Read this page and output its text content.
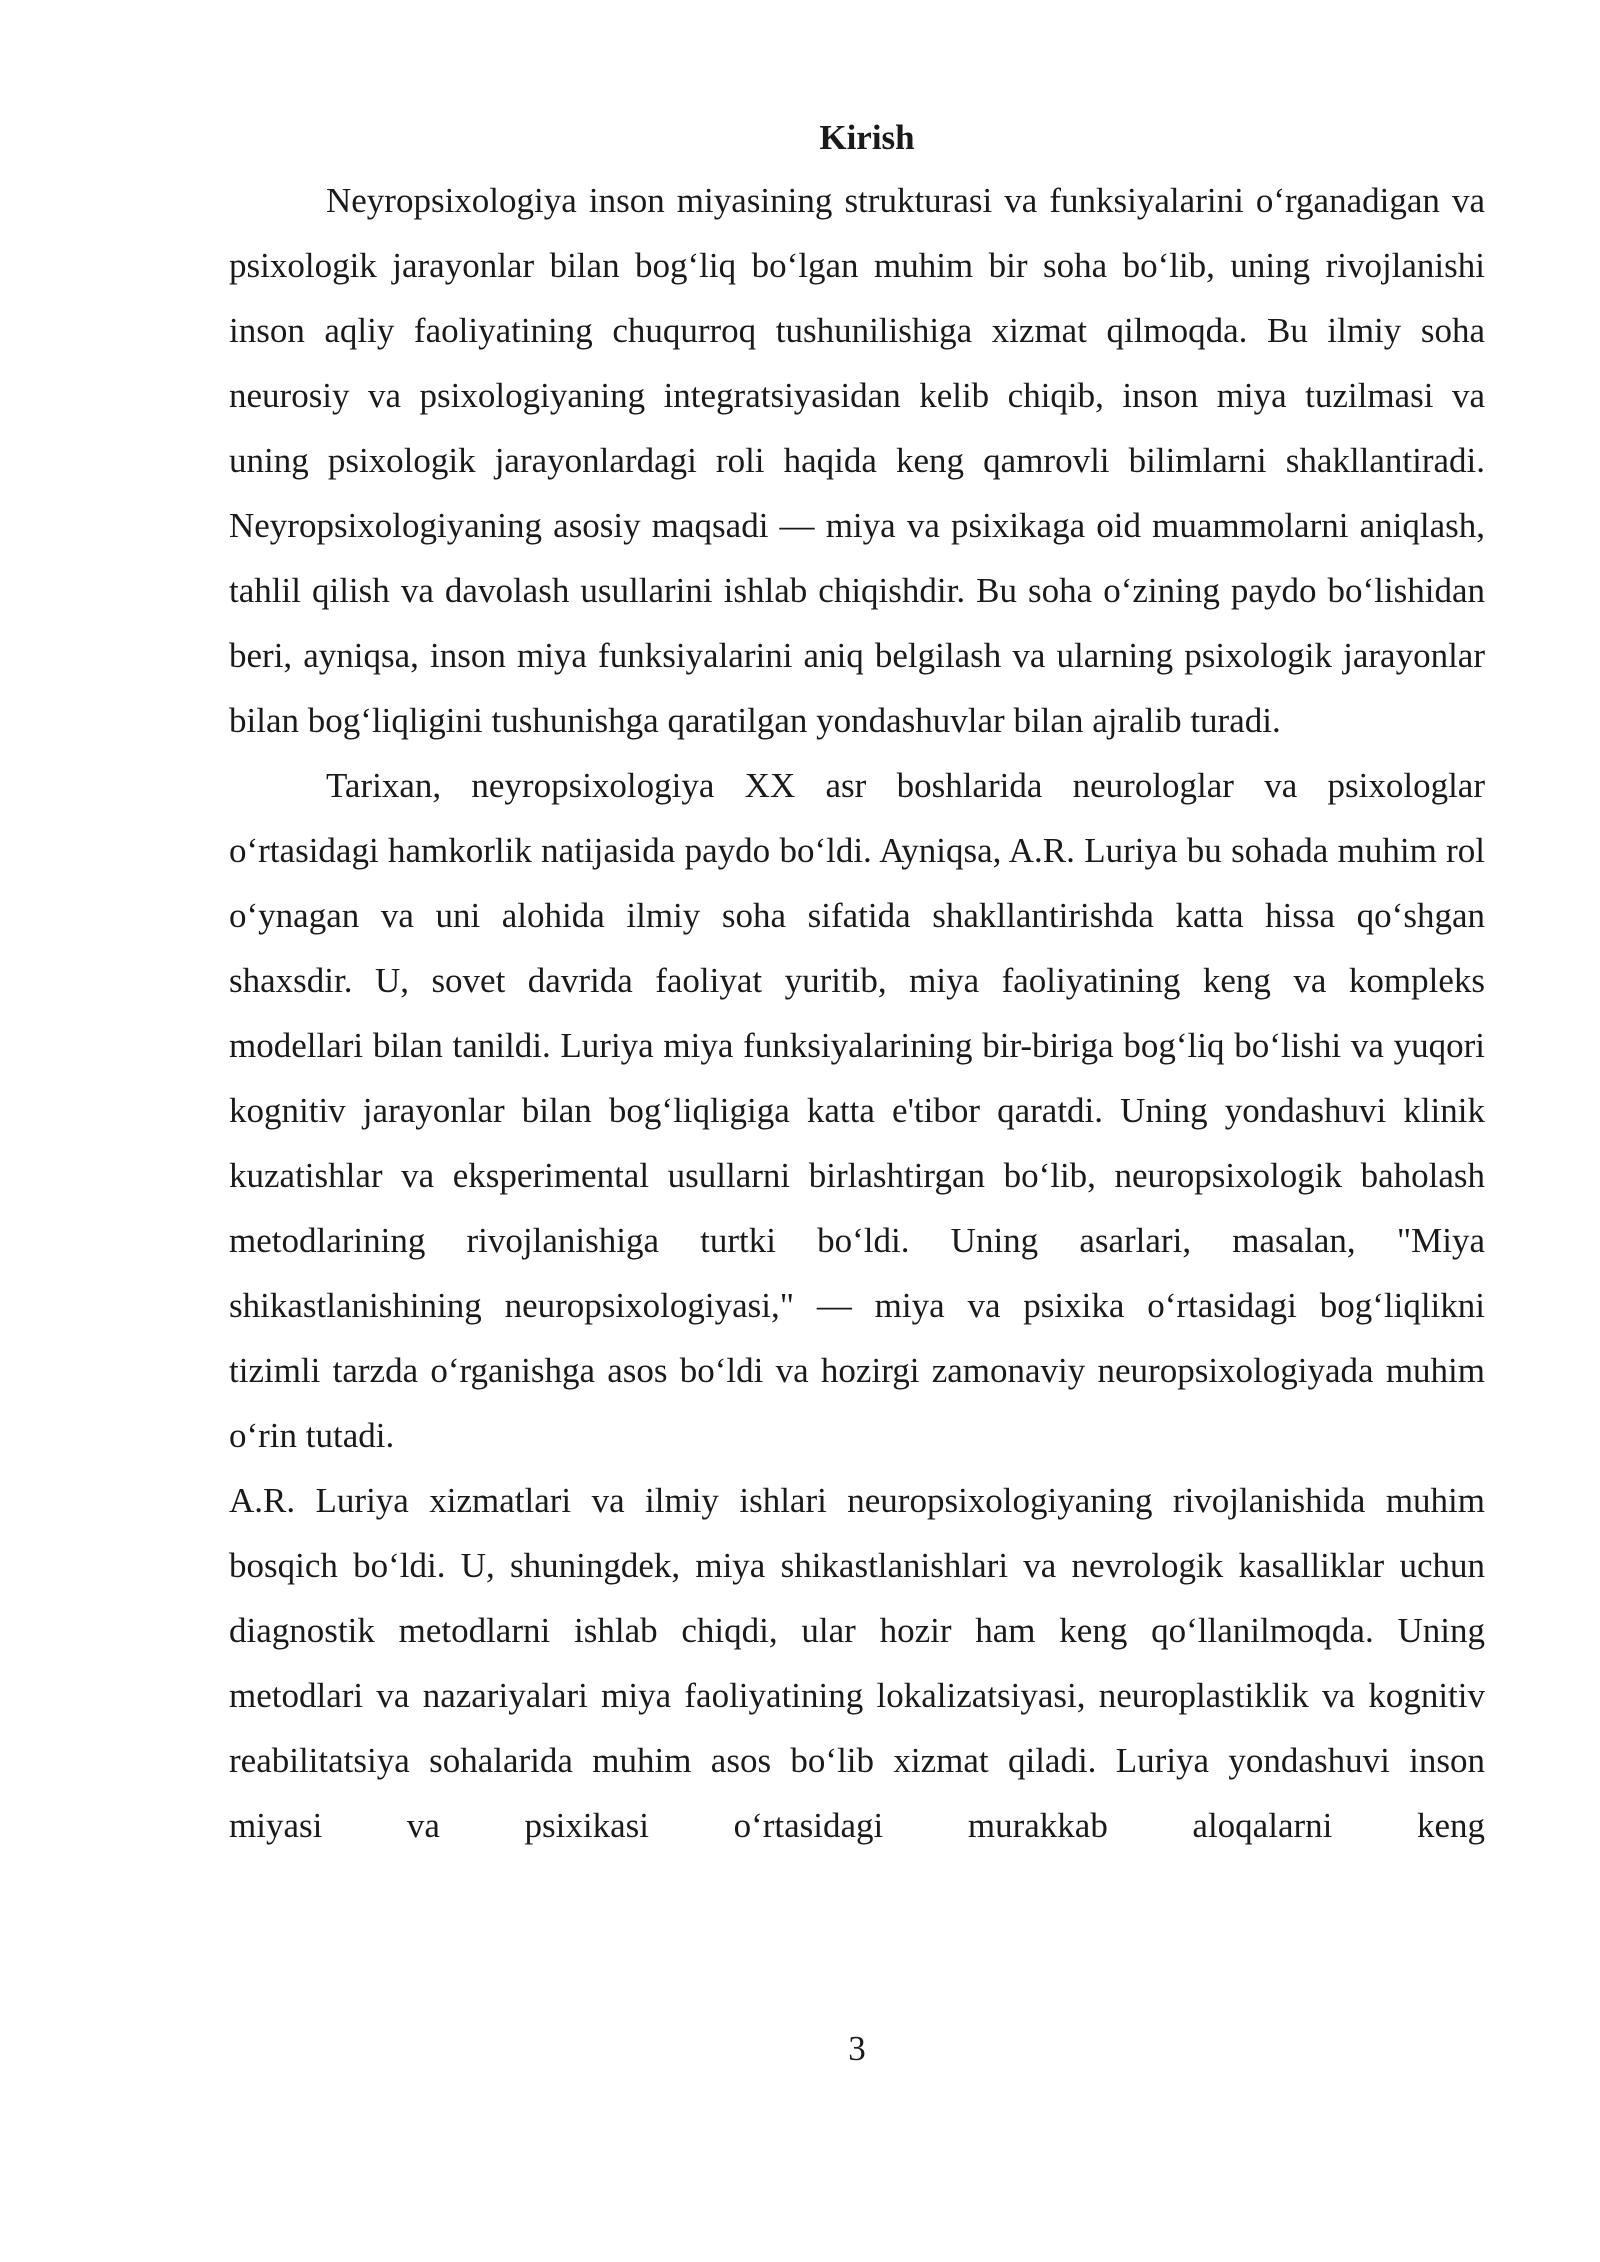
Kirish

Neyropsixologiya inson miyasining strukturasi va funksiyalarini o‘rganadigan va psixologik jarayonlar bilan bog‘liq bo‘lgan muhim bir soha bo‘lib, uning rivojlanishi inson aqliy faoliyatining chuqurroq tushunilishiga xizmat qilmoqda. Bu ilmiy soha neurosiy va psixologiyaning integratsiyasidan kelib chiqib, inson miya tuzilmasi va uning psixologik jarayonlardagi roli haqida keng qamrovli bilimlarni shakllantiradi. Neyropsixologiyaning asosiy maqsadi — miya va psixikaga oid muammolarni aniqlash, tahlil qilish va davolash usullarini ishlab chiqishdir. Bu soha o‘zining paydo bo‘lishidan beri, ayniqsa, inson miya funksiyalarini aniq belgilash va ularning psixologik jarayonlar bilan bog‘liqligini tushunishga qaratilgan yondashuvlar bilan ajralib turadi.

Tarixan, neyropsixologiya XX asr boshlarida neurologlar va psixologlar o‘rtasidagi hamkorlik natijasida paydo bo‘ldi. Ayniqsa, A.R. Luriya bu sohada muhim rol o‘ynagan va uni alohida ilmiy soha sifatida shakllantirishda katta hissa qo‘shgan shaxsdir. U, sovet davrida faoliyat yuritib, miya faoliyatining keng va kompleks modellari bilan tanildi. Luriya miya funksiyalarining bir-biriga bog‘liq bo‘lishi va yuqori kognitiv jarayonlar bilan bog‘liqligiga katta e'tibor qaratdi. Uning yondashuvi klinik kuzatishlar va eksperimental usullarni birlashtirgan bo‘lib, neuropsixologik baholash metodlarining rivojlanishiga turtki bo‘ldi. Uning asarlari, masalan, "Miya shikastlanishining neuropsixologiyasi," — miya va psixika o‘rtasidagi bog‘liqlikni tizimli tarzda o‘rganishga asos bo‘ldi va hozirgi zamonaviy neuropsixologiyada muhim o‘rin tutadi.

A.R. Luriya xizmatlari va ilmiy ishlari neuropsixologiyaning rivojlanishida muhim bosqich bo‘ldi. U, shuningdek, miya shikastlanishlari va nevrologik kasalliklar uchun diagnostik metodlarni ishlab chiqdi, ular hozir ham keng qo‘llanilmoqda. Uning metodlari va nazariyalari miya faoliyatining lokalizatsiyasi, neuroplastiklik va kognitiv reabilitatsiya sohalarida muhim asos bo‘lib xizmat qiladi. Luriya yondashuvi inson miyasi va psixikasi o‘rtasidagi murakkab aloqalarni keng

3
